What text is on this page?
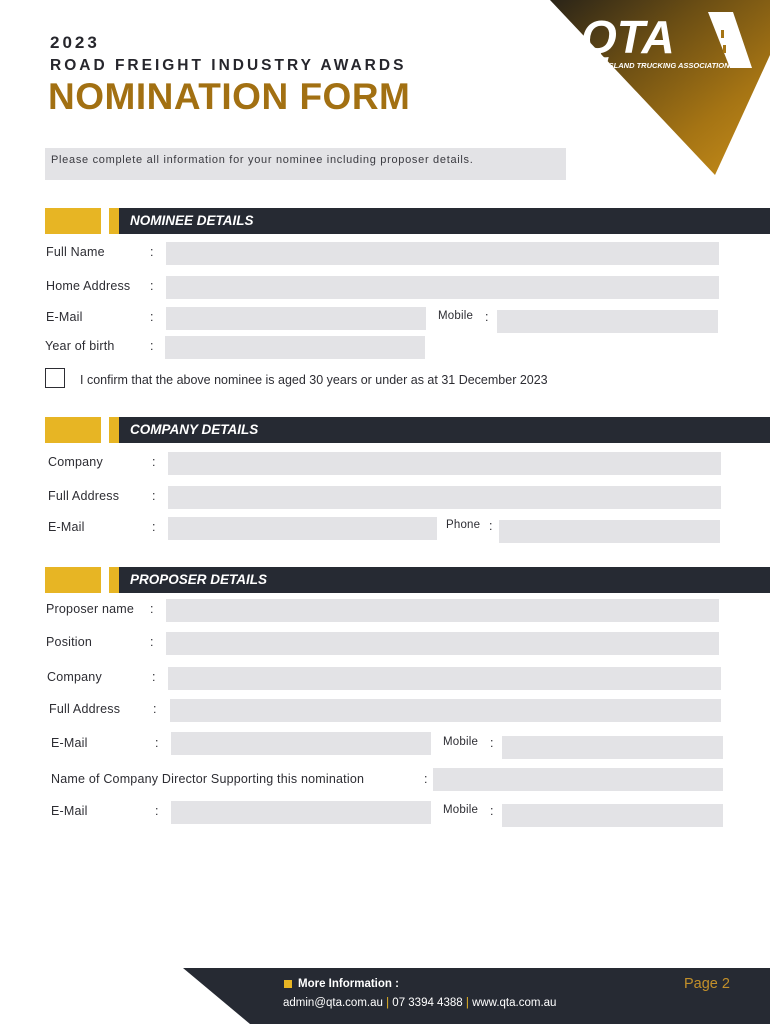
QTA
QUEENSLAND TRUCKING ASSOCIATION
2023
ROAD FREIGHT INDUSTRY AWARDS
NOMINATION FORM
Please complete all information for your nominee including proposer details.
NOMINEE DETAILS
Full Name	:
Home Address :
E-Mail	:	Mobile :
Year of birth	:
I confirm that the above nominee is aged 30 years or under as at 31 December 2023
COMPANY DETAILS
Company	:
Full Address	:
E-Mail	:	Phone :
PROPOSER DETAILS
Proposer name :
Position	:
Company	:
Full Address	:
E-Mail	:	Mobile :
Name of Company Director Supporting this nomination	:
E-Mail	:	Mobile :
More Information :
admin@qta.com.au | 07 3394 4388 | www.qta.com.au
Page 2
